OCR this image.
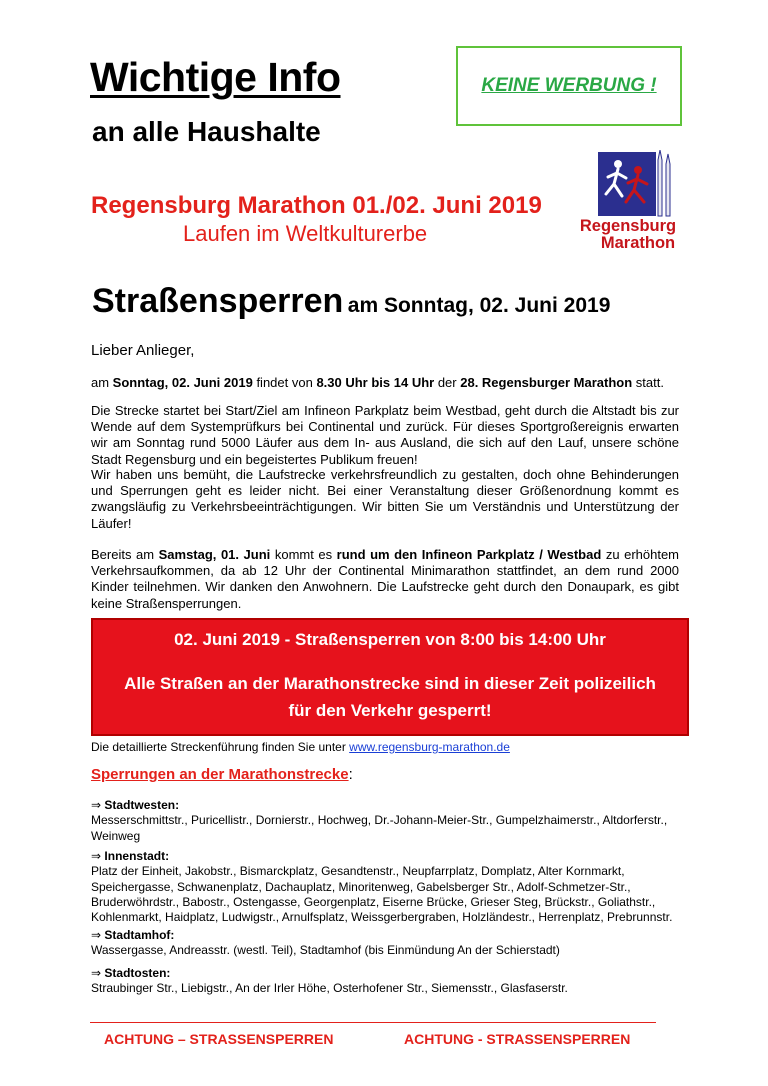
Wichtige Info
an alle Haushalte
KEINE WERBUNG !

Regensburg Marathon 01./02. Juni 2019

Laufen im Weltkulturerbe	Regensburg
Marathon

Straßensperren am Sonntag, 02. Juni 2019

Lieber Anlieger,

am Sonntag, 02. Juni 2019 findet von 8.30 Uhr bis 14 Uhr der 28. Regensburger Marathon statt.

Die Strecke startet bei Start/Ziel am Infineon Parkplatz beim Westbad, geht durch die Altstadt bis zur Wende auf dem Systemprüfkurs bei Continental und zurück. Für dieses Sportgroßereignis erwarten wir am Sonntag rund 5000 Läufer aus dem In- aus Ausland, die sich auf den Lauf, unsere schöne Stadt Regensburg und ein begeistertes Publikum freuen!

Wir haben uns bemüht, die Laufstrecke verkehrsfreundlich zu gestalten, doch ohne Behinderungen und Sperrungen geht es leider nicht. Bei einer Veranstaltung dieser Größenordnung kommt es zwangsläufig zu Verkehrsbeeinträchtigungen. Wir bitten Sie um Verständnis und Unterstützung der Läufer!

Bereits am Samstag, 01. Juni kommt es rund um den Infineon Parkplatz / Westbad zu erhöhtem Verkehrsaufkommen, da ab 12 Uhr der Continental Minimarathon stattfindet, an dem rund 2000 Kinder teilnehmen. Wir danken den Anwohnern. Die Laufstrecke geht durch den Donaupark, es gibt keine Straßensperrungen.

02. Juni 2019 - Straßensperren von 8:00 bis 14:00 Uhr
Alle Straßen an der Marathonstrecke sind in dieser Zeit polizeilich
für den Verkehr gesperrt!

Die detaillierte Streckenführung finden Sie unter www.regensburg-marathon.de

Sperrungen an der Marathonstrecke:

⇒ Stadtwesten:
Messerschmittstr., Puricellistr., Dornierstr., Hochweg, Dr.-Johann-Meier-Str., Gumpelzhaimerstr., Altdorferstr., Weinweg
⇒ Innenstadt:
Platz der Einheit, Jakobstr., Bismarckplatz, Gesandtenstr., Neupfarrplatz, Domplatz, Alter Kornmarkt, Speichergasse, Schwanenplatz, Dachauplatz, Minoritenweg, Gabelsberger Str., Adolf-Schmetzer-Str., Bruderwöhrdstr., Babostr., Ostengasse, Georgenplatz, Eiserne Brücke, Grieser Steg, Brückstr., Goliathstr., Kohlenmarkt, Haidplatz, Ludwigstr., Arnulfsplatz, Weissgerbergraben, Holzländestr., Herrenplatz, Prebrunnstr.
⇒ Stadtamhof:
Wassergasse, Andreasstr. (westl. Teil), Stadtamhof (bis Einmündung An der Schierstadt)
⇒ Stadtosten:
Straubinger Str., Liebigstr., An der Irler Höhe, Osterhofener Str., Siemensstr., Glasfaserstr.

ACHTUNG – STRASSENSPERREN	ACHTUNG - STRASSENSPERREN
